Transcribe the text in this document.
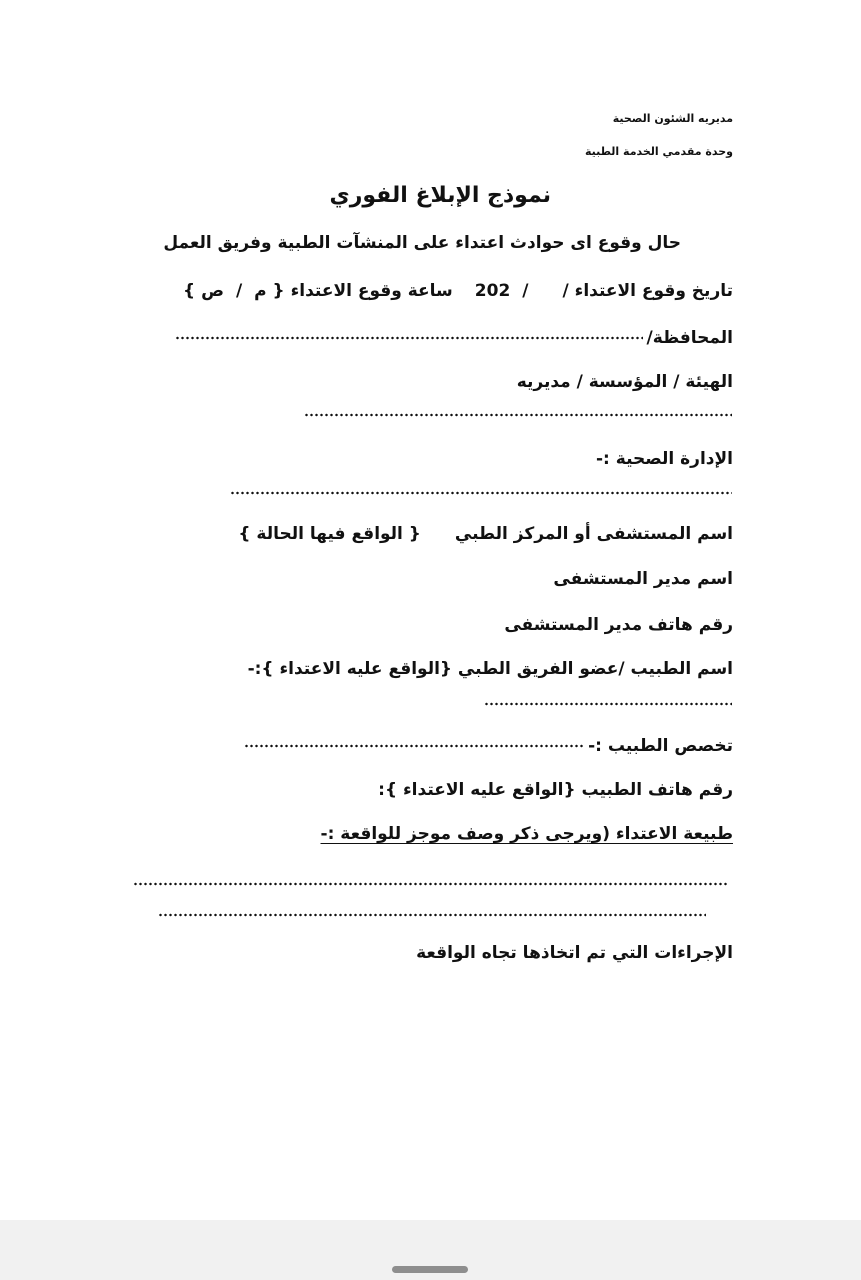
مديريه الشئون الصحية
وحدة مقدمي الخدمة الطبية
نموذج الإبلاغ الفوري
حال وقوع اى حوادث اعتداء على المنشآت الطبية وفريق العمل
تاريخ وقوع الاعتداء //202ساعة وقوع الاعتداء { م/ص }
المحافظة/
الهيئة / المؤسسة / مديريه
الإدارة الصحية :-
اسم المستشفى أو المركز الطبي{ الواقع فيها الحالة }
اسم مدير المستشفى
رقم هاتف مدير المستشفى
اسم الطبيب /عضو الفريق الطبي {الواقع عليه الاعتداء }:-
تخصص الطبيب :-
رقم هاتف الطبيب {الواقع عليه الاعتداء }:
طبيعة الاعتداء (ويرجى ذكر وصف موجز للواقعة :-
الإجراءات التي تم اتخاذها تجاه الواقعة
